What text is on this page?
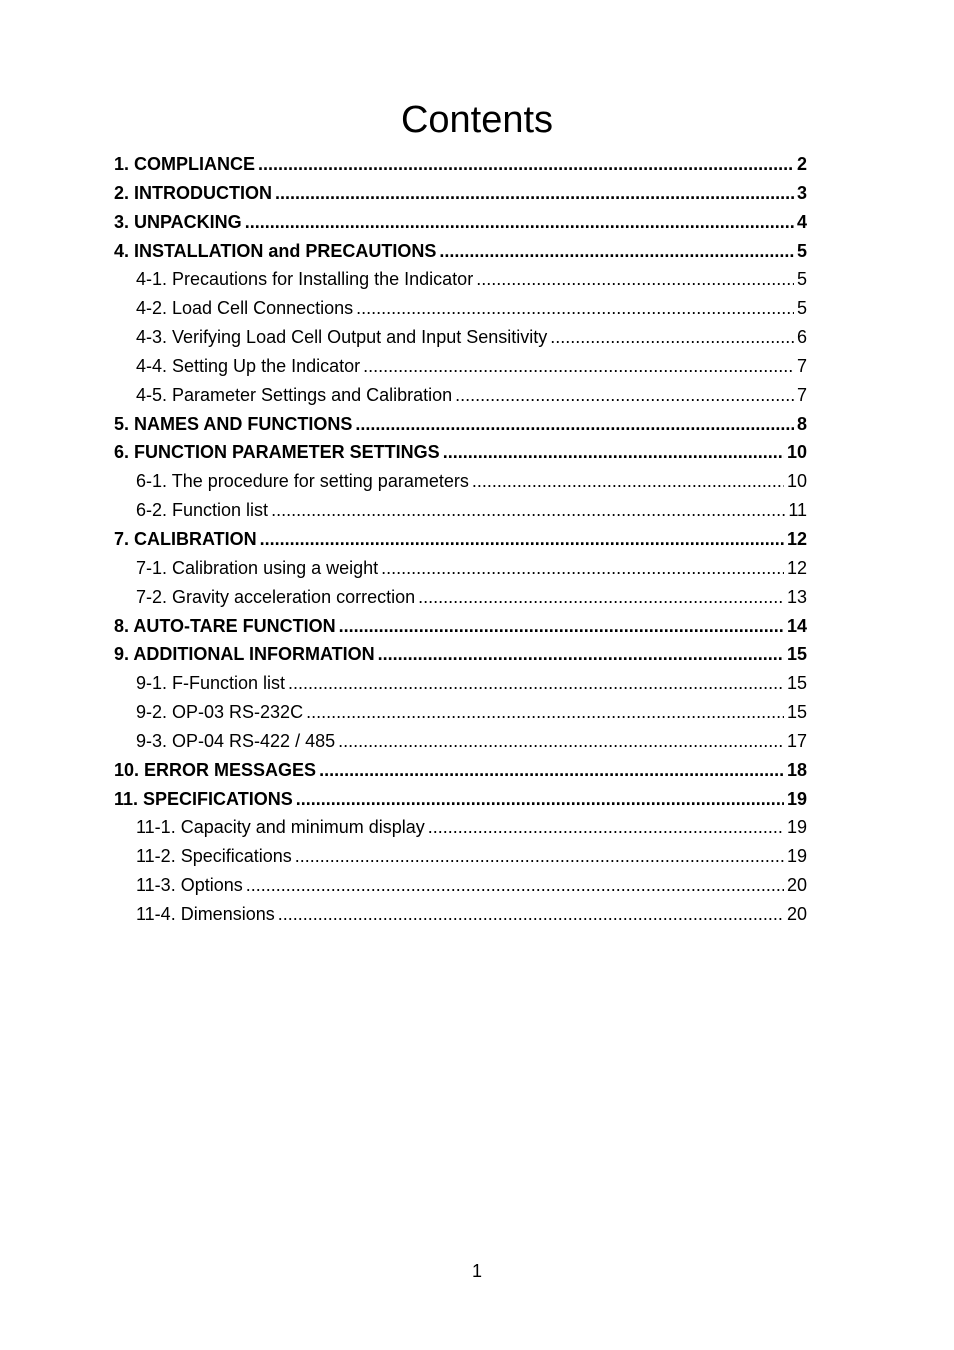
Contents
1. COMPLIANCE .....	2
2. INTRODUCTION .....	3
3. UNPACKING .....	4
4. INSTALLATION and PRECAUTIONS .....	5
4-1. Precautions for Installing the Indicator .....	5
4-2. Load Cell Connections .....	5
4-3. Verifying Load Cell Output and Input Sensitivity .....	6
4-4. Setting Up the Indicator .....	7
4-5. Parameter Settings and Calibration .....	7
5. NAMES AND FUNCTIONS .....	8
6. FUNCTION PARAMETER SETTINGS .....	10
6-1. The procedure for setting parameters .....	10
6-2. Function list .....	11
7. CALIBRATION .....	12
7-1. Calibration using a weight .....	12
7-2. Gravity acceleration correction .....	13
8. AUTO-TARE FUNCTION .....	14
9. ADDITIONAL INFORMATION .....	15
9-1. F-Function list .....	15
9-2. OP-03 RS-232C .....	15
9-3. OP-04 RS-422 / 485 .....	17
10. ERROR MESSAGES .....	18
11. SPECIFICATIONS .....	19
11-1. Capacity and minimum display .....	19
11-2. Specifications .....	19
11-3. Options .....	20
11-4. Dimensions .....	20
1
